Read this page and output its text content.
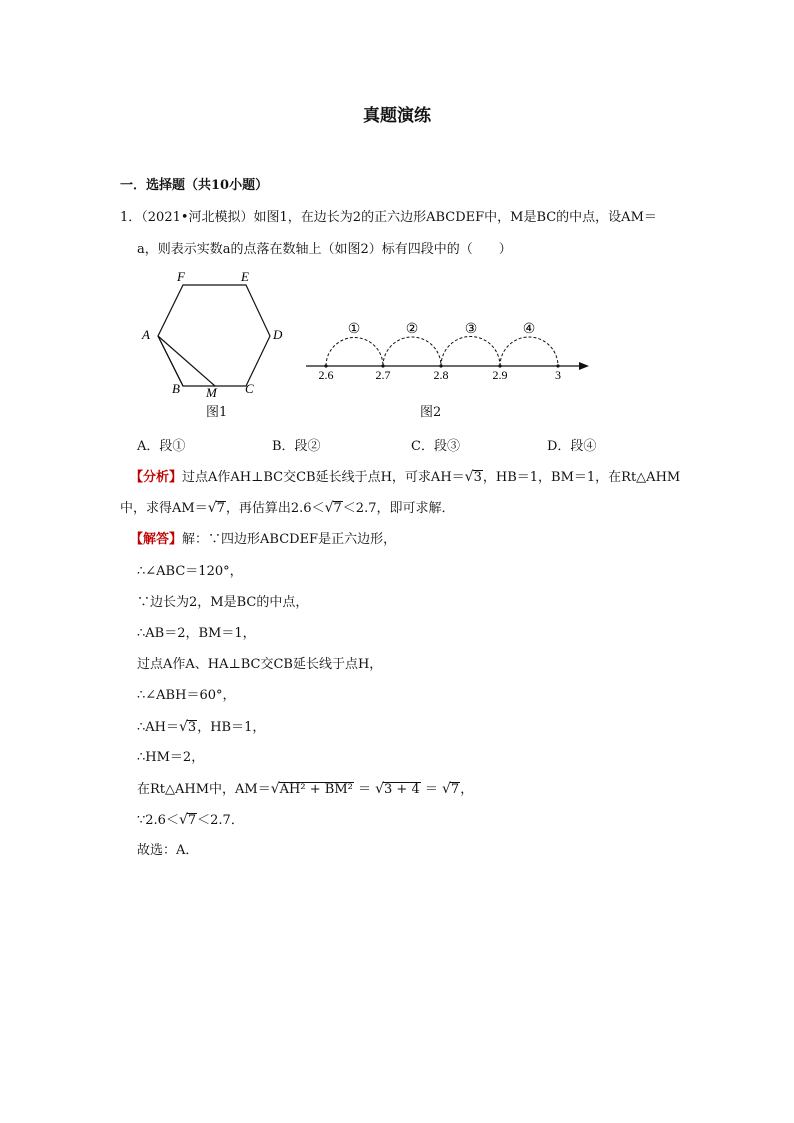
真题演练
一．选择题（共10小题）
1．（2021•河北模拟）如图1，在边长为2的正六边形ABCDEF中，M是BC的中点，设AM＝
a，则表示实数a的点落在数轴上（如图2）标有四段中的（　　）
F	E
A	D
B M C
图1
①	②	③	④
2.6	2.7	2.8	2.9	3
图2
A．段①	B．段②	C．段③	D．段④
【分析】过点A作AH⊥BC交CB延长线于点H，可求AH＝√3，HB＝1，BM＝1，在Rt△AHM
中，求得AM＝√7，再估算出2.6＜√7＜2.7，即可求解．
【解答】解：∵四边形ABCDEF是正六边形，
∴∠ABC＝120°，
∵边长为2，M是BC的中点，
∴AB＝2，BM＝1，
过点A作A、HA⊥BC交CB延长线于点H，
∴∠ABH＝60°，
∴AH＝√3，HB＝1，
∴HM＝2，
在Rt△AHM中，AM＝√AH² + BM² ＝ √3 + 4 ＝ √7，
∵2.6＜√7＜2.7．
故选：A．
